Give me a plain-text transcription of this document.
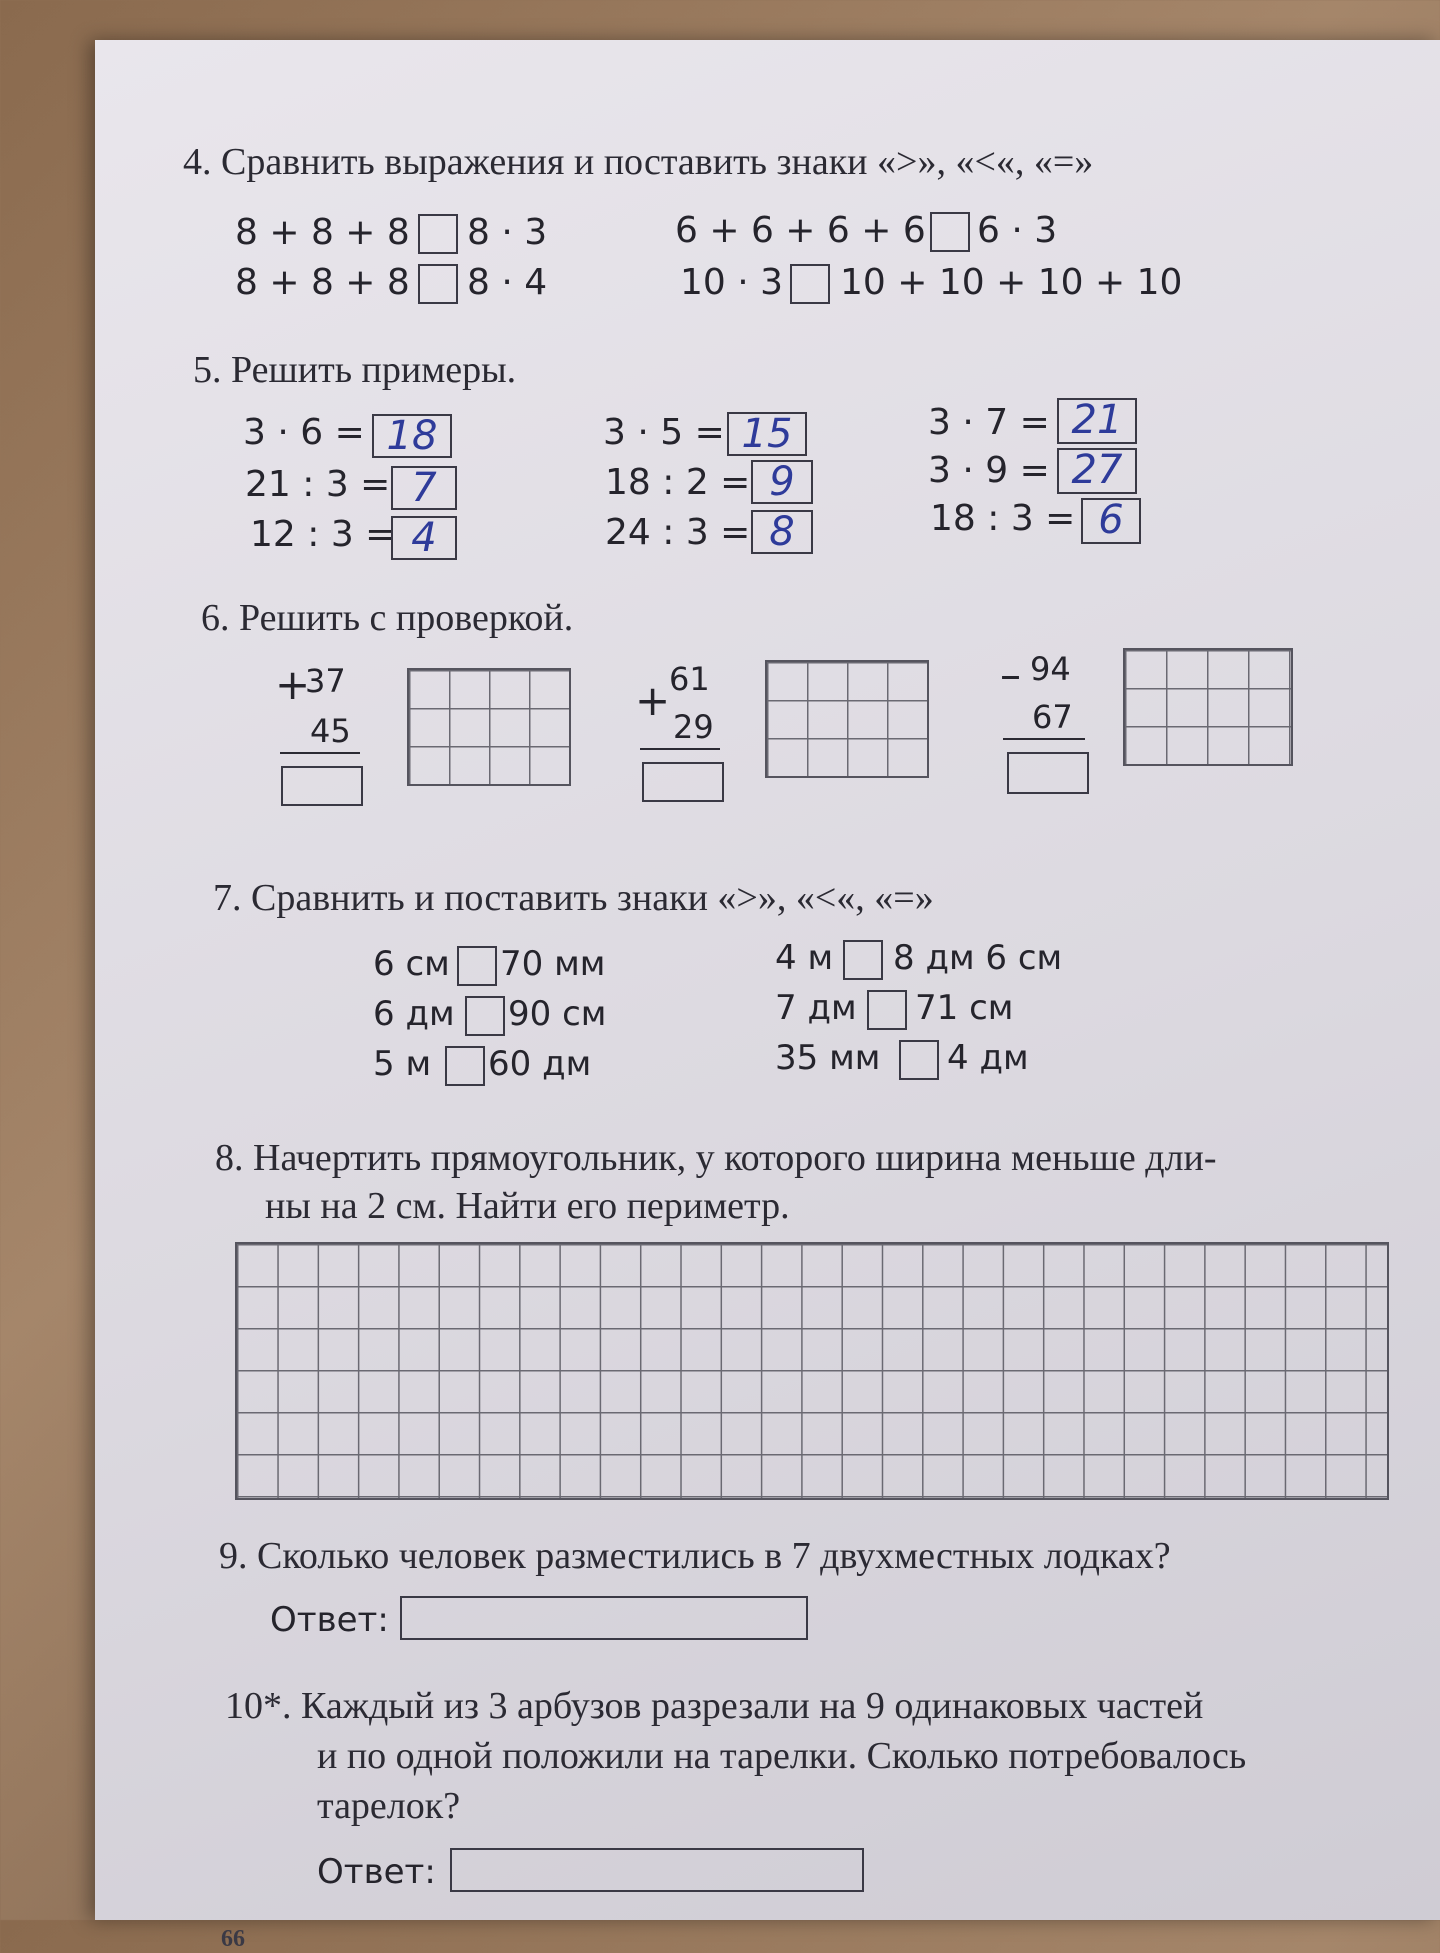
4. Сравнить выражения и поставить знаки «>», «<«, «=»
8 + 8 + 8 8 · 3
8 + 8 + 8 8 · 4
6 + 6 + 6 + 6 6 · 3
10 · 3 10 + 10 + 10 + 10
5. Решить примеры.
3 · 6 = 18
21 : 3 = 7
12 : 3 = 4
3 · 5 = 15
18 : 2 = 9
24 : 3 = 8
3 · 7 = 21
3 · 9 = 27
18 : 3 = 6
6. Решить с проверкой.
+
37
45
+
61
29
– 94
67
7. Сравнить и поставить знаки «>», «<«, «=»
6 см 70 мм
6 дм 90 см
5 м 60 дм
4 м 8 дм 6 см
7 дм 71 см
35 мм 4 дм
8. Начертить прямоугольник, у которого ширина меньше дли-
ны на 2 см. Найти его периметр.
9. Сколько человек разместились в 7 двухместных лодках?
Ответ:
10*. Каждый из 3 арбузов разрезали на 9 одинаковых частей
и по одной положили на тарелки. Сколько потребовалось
тарелок?
Ответ:
66
